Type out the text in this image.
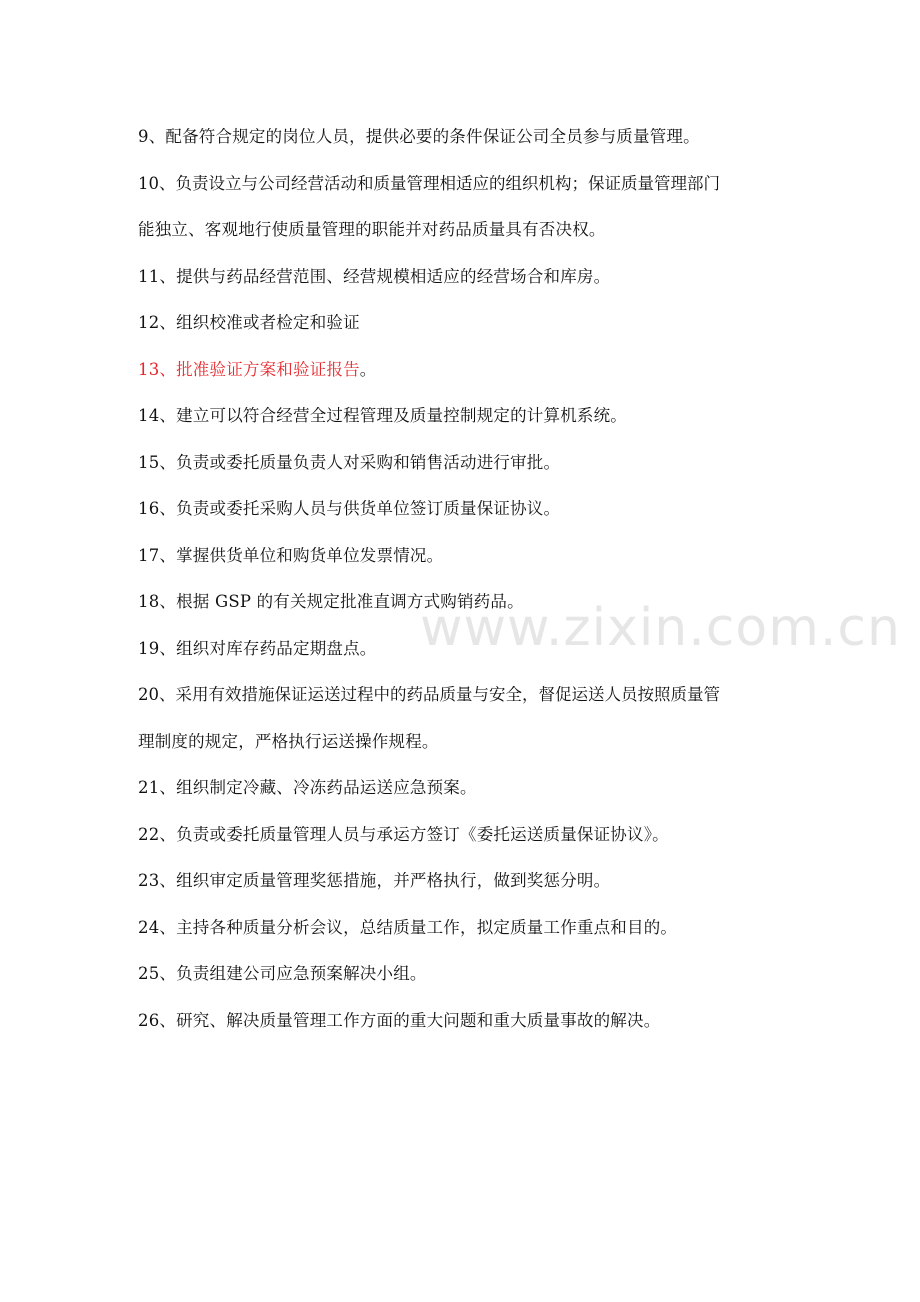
www.zixin.com.cn
9、配备符合规定的岗位人员，提供必要的条件保证公司全员参与质量管理。
10、负责设立与公司经营活动和质量管理相适应的组织机构；保证质量管理部门
能独立、客观地行使质量管理的职能并对药品质量具有否决权。
11、提供与药品经营范围、经营规模相适应的经营场合和库房。
12、组织校准或者检定和验证
13、批准验证方案和验证报告。
14、建立可以符合经营全过程管理及质量控制规定的计算机系统。
15、负责或委托质量负责人对采购和销售活动进行审批。
16、负责或委托采购人员与供货单位签订质量保证协议。
17、掌握供货单位和购货单位发票情况。
18、根据 GSP 的有关规定批准直调方式购销药品。
19、组织对库存药品定期盘点。
20、采用有效措施保证运送过程中的药品质量与安全，督促运送人员按照质量管
理制度的规定，严格执行运送操作规程。
21、组织制定冷藏、冷冻药品运送应急预案。
22、负责或委托质量管理人员与承运方签订《委托运送质量保证协议》。
23、组织审定质量管理奖惩措施，并严格执行，做到奖惩分明。
24、主持各种质量分析会议，总结质量工作，拟定质量工作重点和目的。
25、负责组建公司应急预案解决小组。
26、研究、解决质量管理工作方面的重大问题和重大质量事故的解决。
